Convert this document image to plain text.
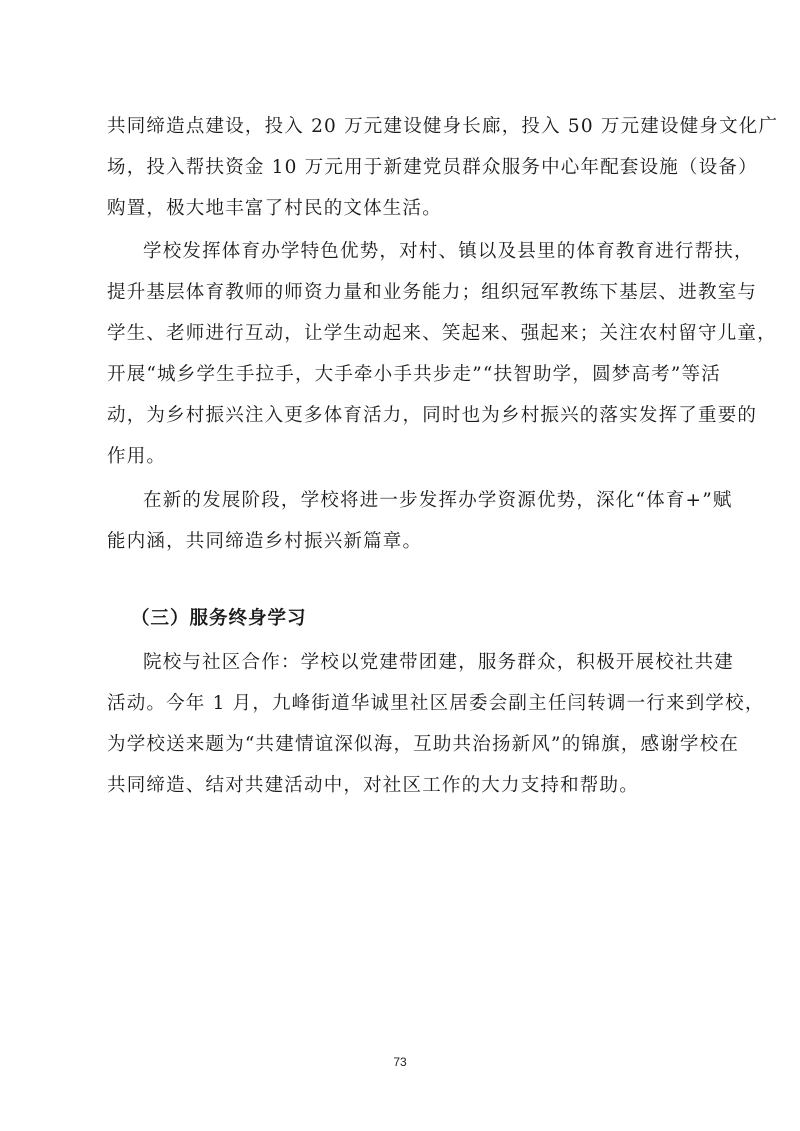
共同缔造点建设，投入 20 万元建设健身长廊，投入 50 万元建设健身文化广
场，投入帮扶资金 10 万元用于新建党员群众服务中心年配套设施（设备）
购置，极大地丰富了村民的文体生活。
学校发挥体育办学特色优势，对村、镇以及县里的体育教育进行帮扶，
提升基层体育教师的师资力量和业务能力；组织冠军教练下基层、进教室与
学生、老师进行互动，让学生动起来、笑起来、强起来；关注农村留守儿童，
开展“城乡学生手拉手，大手牵小手共步走”“扶智助学，圆梦高考”等活
动，为乡村振兴注入更多体育活力，同时也为乡村振兴的落实发挥了重要的
作用。
在新的发展阶段，学校将进一步发挥办学资源优势，深化“体育+”赋
能内涵，共同缔造乡村振兴新篇章。
（三）服务终身学习
院校与社区合作：学校以党建带团建，服务群众，积极开展校社共建
活动。今年 1 月，九峰街道华诚里社区居委会副主任闫转调一行来到学校，
为学校送来题为“共建情谊深似海，互助共治扬新风”的锦旗，感谢学校在
共同缔造、结对共建活动中，对社区工作的大力支持和帮助。
73
